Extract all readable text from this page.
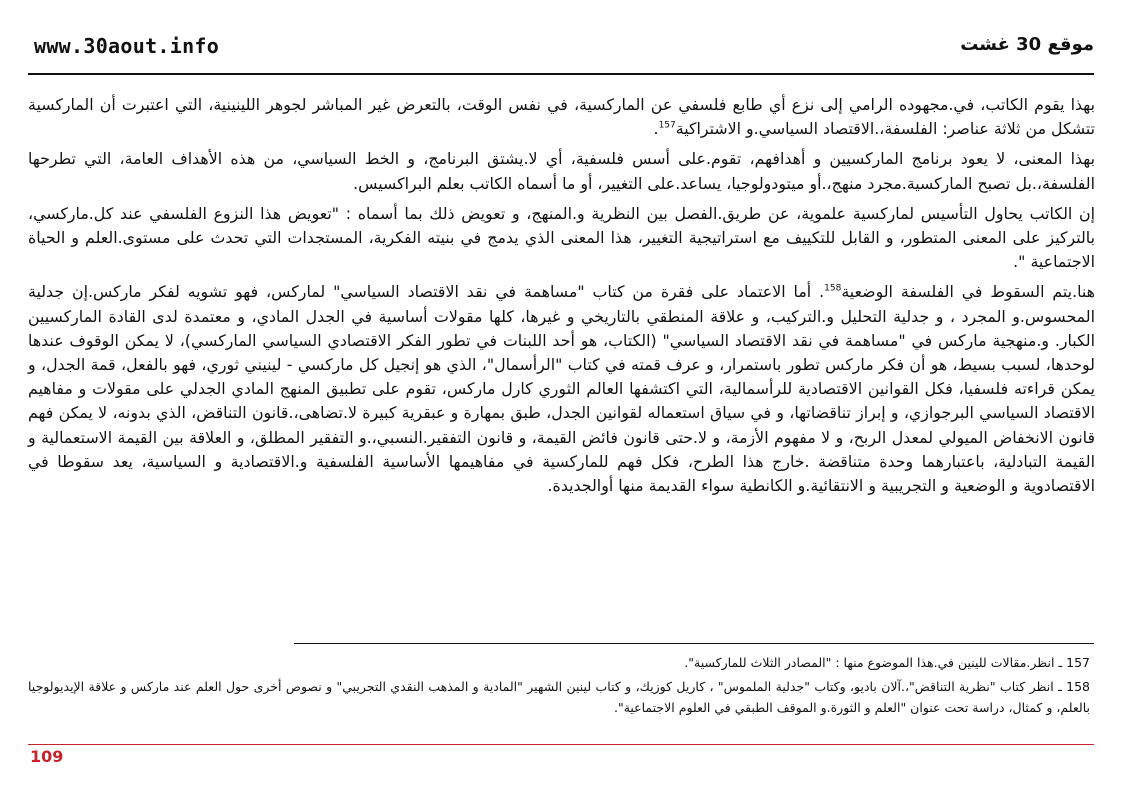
www.30aout.info	موقع 30 غشت

بهذا يقوم الكاتب، في.مجهوده الرامي إلى نزع أي طابع فلسفي عن الماركسية، في نفس الوقت، بالتعرض غير المباشر لجوهر اللينينية، التي اعتبرت أن الماركسية تتشكل من ثلاثة عناصر: الفلسفة،.الاقتصاد السياسي.و الاشتراكية$^{157}$.

بهذا المعنى، لا يعود برنامج الماركسيين و أهدافهم، تقوم.على أسس فلسفية، أي لا.يشتق البرنامج، و الخط السياسي، من هذه الأهداف العامة، التي تطرحها الفلسفة،.بل تصبح الماركسية.مجرد منهج،.أو ميتودولوجيا، يساعد.على التغيير، أو ما أسماه الكاتب بعلم البراكسيس.

إن الكاتب يحاول التأسيس لماركسية علموية، عن طريق.الفصل بين النظرية و.المنهج، و تعويض ذلك بما أسماه : "تعويض هذا النزوع الفلسفي عند كل.ماركسي، بالتركيز على المعنى المتطور، و القابل للتكييف مع استراتيجية التغيير، هذا المعنى الذي يدمج في بنيته الفكرية، المستجدات التي تحدث على مستوى.العلم و الحياة الاجتماعية ".

هنا.يتم السقوط في الفلسفة الوضعية$^{158}$. أما الاعتماد على فقرة من كتاب "مساهمة في نقد الاقتصاد السياسي" لماركس، فهو تشويه لفكر ماركس.إن جدلية المحسوس.و المجرد ، و جدلية التحليل و.التركيب، و علاقة المنطقي بالتاريخي و غيرها، كلها مقولات أساسية في الجدل المادي، و معتمدة لدى القادة الماركسيين الكبار. و.منهجية ماركس في "مساهمة في نقد الاقتصاد السياسي" (الكتاب، هو أحد اللبنات في تطور الفكر الاقتصادي السياسي الماركسي)، لا يمكن الوقوف عندها لوحدها، لسبب بسيط، هو أن فكر ماركس تطور باستمرار، و عرف قمته في كتاب "الرأسمال"، الذي هو إنجيل كل ماركسي - لينيني ثوري، فهو بالفعل، قمة الجدل، و يمكن قراءته فلسفيا، فكل القوانين الاقتصادية للرأسمالية، التي اكتشفها العالم الثوري كارل ماركس، تقوم على تطبيق المنهج المادي الجدلي على مقولات و مفاهيم الاقتصاد السياسي البرجوازي، و إبراز تناقضاتها، و في سياق استعماله لقوانين الجدل، طبق بمهارة و عبقرية كبيرة لا.تضاهى،.قانون التناقض، الذي بدونه، لا يمكن فهم قانون الانخفاض الميولي لمعدل الربح، و لا مفهوم الأزمة، و لا.حتى قانون فائض القيمة، و قانون التفقير.النسبي،.و التفقير المطلق، و العلاقة بين القيمة الاستعمالية و القيمة التبادلية، باعتبارهما وحدة متناقضة .خارج هذا الطرح، فكل فهم للماركسية في مفاهيمها الأساسية الفلسفية و.الاقتصادية و السياسية، يعد سقوطا في الاقتصادوية و الوضعية و التجريبية و الانتقائية.و الكانطية سواء القديمة منها أوالجديدة.

157 ـ انظر.مقالات للينين في.هذا الموضوع منها : "المصادر الثلاث للماركسية".

158 ـ انظر كتاب "نظرية التناقض"،.آلان باديو، وكتاب "جدلية الملموس" ، كاريل كوزيك، و كتاب لينين الشهير "المادية و المذهب النقدي التجريبي" و نصوص أخرى حول العلم عند ماركس و علاقة الإيديولوجيا بالعلم، و كمثال، دراسة تحت عنوان "العلم و الثورة.و الموقف الطبقي في العلوم الاجتماعية".

109
